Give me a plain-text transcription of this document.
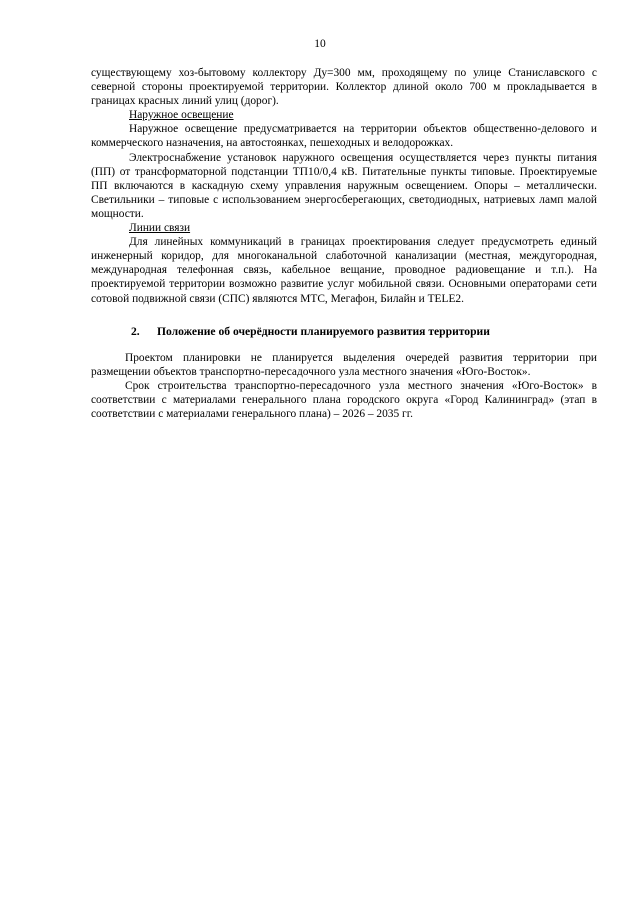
10

существующему хоз-бытовому коллектору Ду=300 мм, проходящему по улице Станиславского с северной стороны проектируемой территории. Коллектор длиной около 700 м прокладывается в границах красных линий улиц (дорог).

Наружное освещение

Наружное освещение предусматривается на территории объектов общественно-делового и коммерческого назначения, на автостоянках, пешеходных и велодорожках.

Электроснабжение установок наружного освещения осуществляется через пункты питания (ПП) от трансформаторной подстанции ТП10/0,4 кВ. Питательные пункты типовые. Проектируемые ПП включаются в каскадную схему управления наружным освещением. Опоры – металлически. Светильники – типовые с использованием энергосберегающих, светодиодных, натриевых ламп малой мощности.

Линии связи

Для линейных коммуникаций в границах проектирования следует предусмотреть единый инженерный коридор, для многоканальной слаботочной канализации (местная, междугородная, международная телефонная связь, кабельное вещание, проводное радиовещание и т.п.). На проектируемой территории возможно развитие услуг мобильной связи. Основными операторами сети сотовой подвижной связи (СПС) являются МТС, Мегафон, Билайн и TELE2.

2. Положение об очерёдности планируемого развития территории

Проектом планировки не планируется выделения очередей развития территории при размещении объектов транспортно-пересадочного узла местного значения «Юго-Восток».

Срок строительства транспортно-пересадочного узла местного значения «Юго-Восток» в соответствии с материалами генерального плана городского округа «Город Калининград» (этап в соответствии с материалами генерального плана) – 2026 – 2035 гг.
